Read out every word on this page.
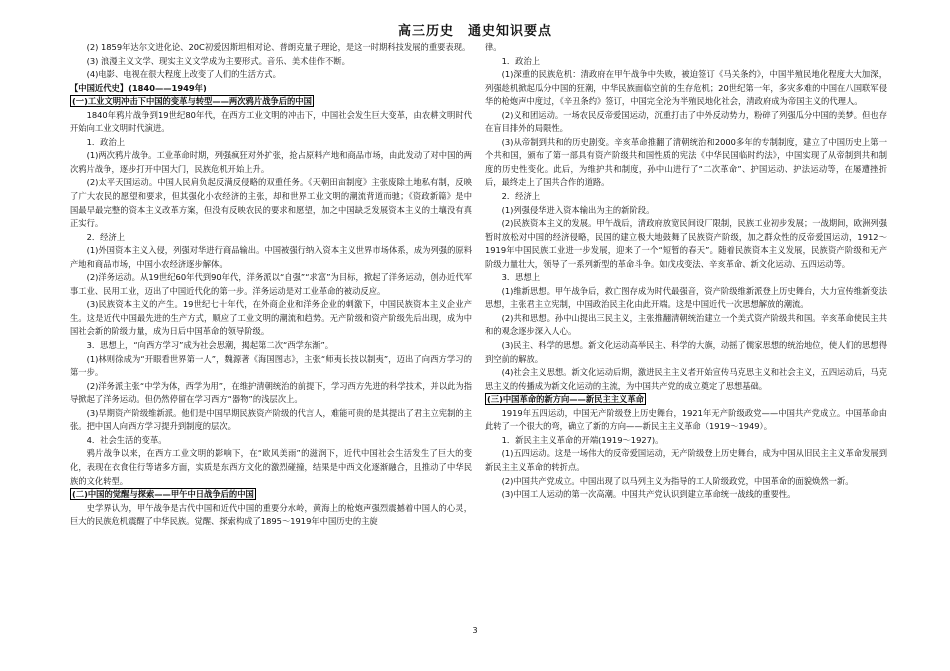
高三历史　通史知识要点

(2) 1859年达尔文进化论、20C初爱因斯坦相对论、普朗克量子理论，是这一时期科技发展的重要表现。

(3) 浪漫主义文学、现实主义文学成为主要形式。音乐、美术佳作不断。

(4)电影、电视在很大程度上改变了人们的生活方式。

【中国近代史】(1840——1949年)

(一)工业文明冲击下中国的变革与转型——两次鸦片战争后的中国

1840年鸦片战争到19世纪80年代，在西方工业文明的冲击下，中国社会发生巨大变革，由农耕文明时代开始向工业文明时代演进。

1．政治上

(1)两次鸦片战争。工业革命时期，列强疯狂对外扩张，抢占原料产地和商品市场，由此发动了对中国的两次鸦片战争，逐步打开中国大门，民族危机开始上升。

(2)太平天国运动。中国人民肩负起反满反侵略的双重任务。《天朝田亩制度》主张废除土地私有制，反映了广大农民的愿望和要求，但其强化小农经济的主张，却和世界工业文明的潮流背道而驰；《资政新篇》是中国最早最完整的资本主义改革方案，但没有反映农民的要求和愿望，加之中国缺乏发展资本主义的土壤没有真正实行。

2．经济上

(1)外国资本主义入侵，列强对华进行商品输出。中国被强行纳入资本主义世界市场体系，成为列强的原料产地和商品市场，中国小农经济逐步解体。

(2)洋务运动。从19世纪60年代到90年代，洋务派以“自强”“求富”为目标，掀起了洋务运动，创办近代军事工业、民用工业，迈出了中国近代化的第一步。洋务运动是对工业革命的被动反应。

(3)民族资本主义的产生。19世纪七十年代，在外商企业和洋务企业的刺激下，中国民族资本主义企业产生。这是近代中国最先进的生产方式，顺应了工业文明的潮流和趋势。无产阶级和资产阶级先后出现，成为中国社会新的阶级力量，成为日后中国革命的领导阶级。

3．思想上，“向西方学习”成为社会思潮，揭起第二次“西学东渐”。

(1)林则徐成为“开眼看世界第一人”，魏源著《海国图志》，主张“师夷长技以制夷”，迈出了向西方学习的第一步。

(2)洋务派主张“中学为体，西学为用”，在维护清朝统治的前提下，学习西方先进的科学技术，并以此为指导掀起了洋务运动。但仍然停留在学习西方“器物”的浅层次上。

(3)早期资产阶级维新派。他们是中国早期民族资产阶级的代言人，难能可贵的是其提出了君主立宪制的主张。把中国人向西方学习提升到制度的层次。

4．社会生活的变革。

鸦片战争以来，在西方工业文明的影响下，在“欧风美雨”的滋润下，近代中国社会生活发生了巨大的变化，表现在衣食住行等诸多方面，实质是东西方文化的激烈碰撞，结果是中西文化逐渐融合，且推动了中华民族的文化转型。

(二)中国的觉醒与探索——甲午中日战争后的中国

史学界认为，甲午战争是古代中国和近代中国的重要分水岭，黄海上的枪炮声强烈震撼着中国人的心灵，巨大的民族危机震醒了中华民族。觉醒、探索构成了1895～1919年中国历史的主旋

律。

1．政治上

(1)深重的民族危机：清政府在甲午战争中失败，被迫签订《马关条约》，中国半殖民地化程度大大加深，列强趁机掀起瓜分中国的狂潮，中华民族面临空前的生存危机；20世纪第一年，多灾多难的中国在八国联军侵华的枪炮声中度过，《辛丑条约》签订，中国完全沦为半殖民地化社会，清政府成为帝国主义的代理人。

(2)义和团运动。一场农民反帝爱国运动，沉重打击了中外反动势力，粉碎了列强瓜分中国的美梦。但也存在盲目排外的局限性。

(3)从帝制到共和的历史剧变。辛亥革命推翻了清朝统治和2000多年的专制制度，建立了中国历史上第一个共和国，颁布了第一部具有资产阶级共和国性质的宪法《中华民国临时约法》，中国实现了从帝制到共和制度的历史性变化。此后，为维护共和制度，孙中山进行了“二次革命”、护国运动、护法运动等，在屡遭挫折后，最终走上了国共合作的道路。

2．经济上

(1)列强侵华进入资本输出为主的新阶段。

(2)民族资本主义的发展。甲午战后，清政府放宽民间设厂限制，民族工业初步发展；一战期间，欧洲列强暂时放松对中国的经济侵略，民国的建立极大地鼓舞了民族资产阶级，加之群众性的反帝爱国运动，1912～1919年中国民族工业进一步发展，迎来了一个“短暂的春天”。随着民族资本主义发展，民族资产阶级和无产阶级力量壮大，领导了一系列新型的革命斗争。如戊戌变法、辛亥革命、新文化运动、五四运动等。

3．思想上

(1)维新思想。甲午战争后，救亡图存成为时代最强音，资产阶级维新派登上历史舞台，大力宣传维新变法思想，主张君主立宪制，中国政治民主化由此开端。这是中国近代一次思想解放的潮流。

(2)共和思想。孙中山提出三民主义，主张推翻清朝统治建立一个美式资产阶级共和国。辛亥革命使民主共和的观念逐步深入人心。

(3)民主、科学的思想。新文化运动高举民主、科学的大旗，动摇了儒家思想的统治地位，使人们的思想得到空前的解放。

(4)社会主义思想。新文化运动后期，激进民主主义者开始宣传马克思主义和社会主义，五四运动后，马克思主义的传播成为新文化运动的主流，为中国共产党的成立奠定了思想基础。

(三)中国革命的新方向——新民主主义革命

1919年五四运动，中国无产阶级登上历史舞台，1921年无产阶级政党——中国共产党成立。中国革命由此转了一个很大的弯，确立了新的方向——新民主主义革命（1919～1949）。

1．新民主主义革命的开端(1919～1927)。

(1)五四运动。这是一场伟大的反帝爱国运动，无产阶级登上历史舞台，成为中国从旧民主主义革命发展到新民主主义革命的转折点。

(2)中国共产党成立。中国出现了以马列主义为指导的工人阶级政党，中国革命的面貌焕然一新。

(3)中国工人运动的第一次高潮。中国共产党认识到建立革命统一战线的重要性。

3
